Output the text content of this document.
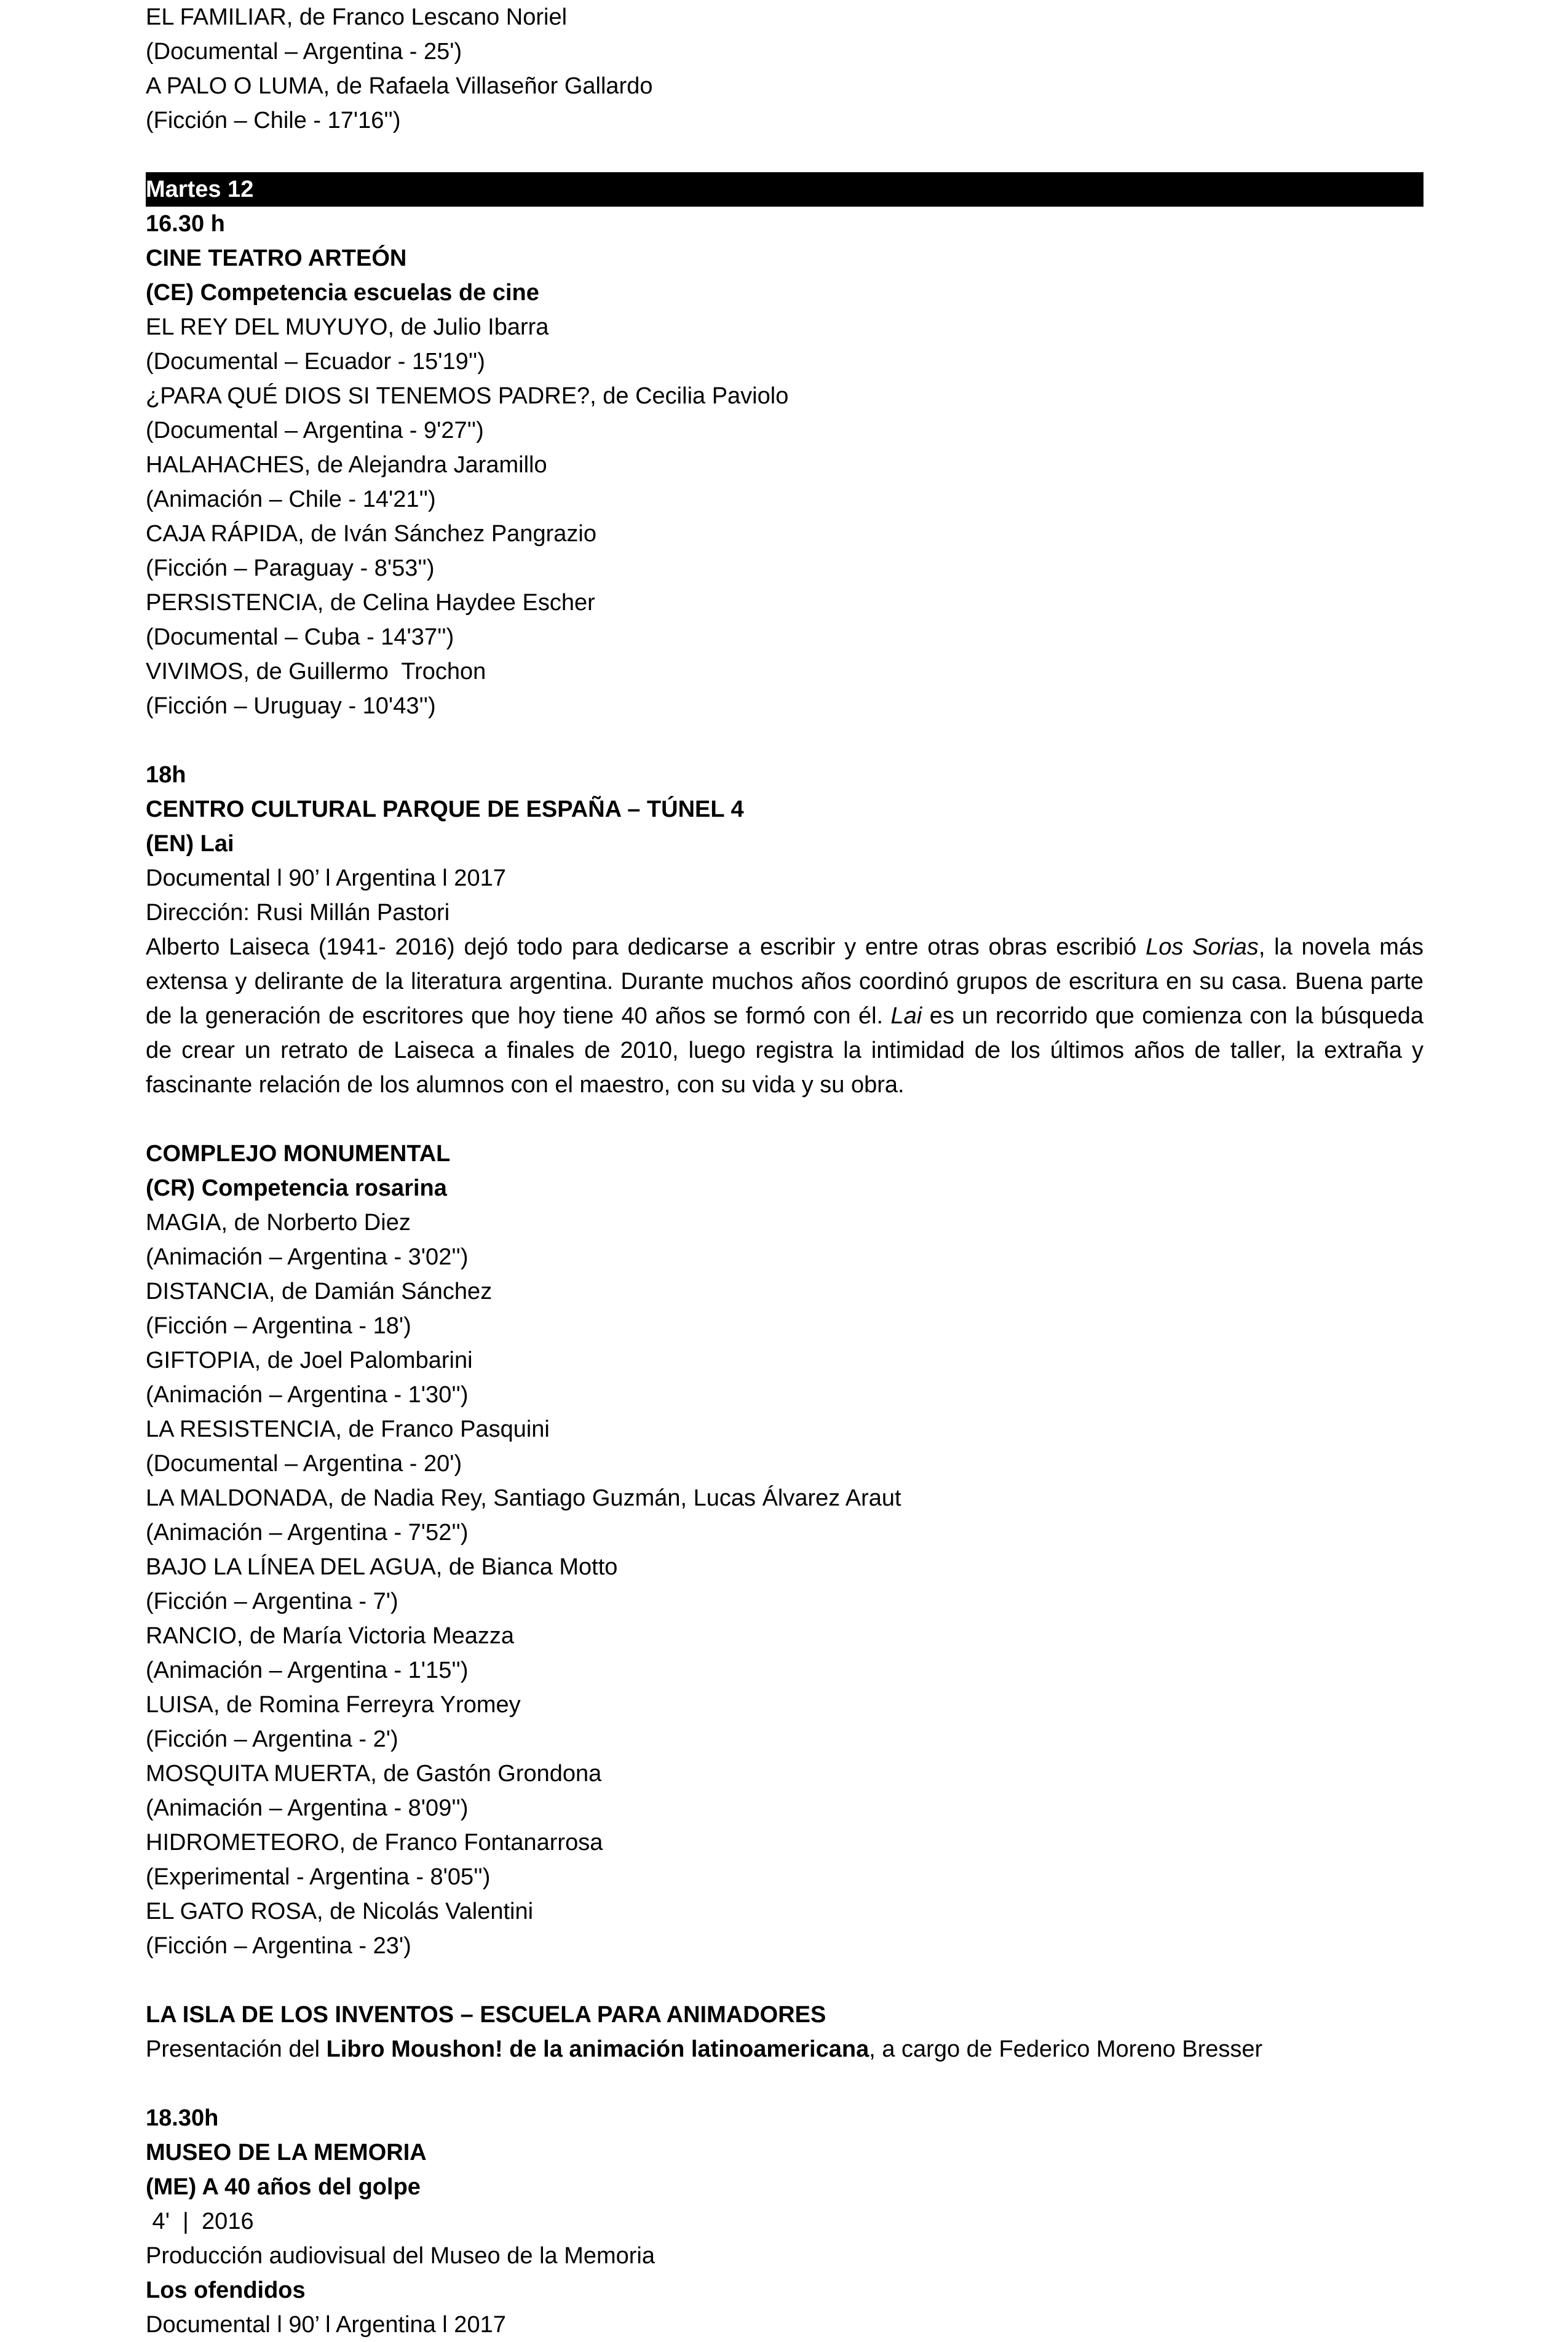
EL FAMILIAR, de Franco Lescano Noriel
(Documental – Argentina - 25')
A PALO O LUMA, de Rafaela Villaseñor Gallardo
(Ficción – Chile - 17'16'')
Martes 12
16.30 h
CINE TEATRO ARTEÓN
(CE) Competencia escuelas de cine
EL REY DEL MUYUYO, de Julio Ibarra
(Documental – Ecuador - 15'19'')
¿PARA QUÉ DIOS SI TENEMOS PADRE?, de Cecilia Paviolo
(Documental – Argentina - 9'27'')
HALAHACHES, de Alejandra Jaramillo
(Animación – Chile - 14'21'')
CAJA RÁPIDA, de Iván Sánchez Pangrazio
(Ficción – Paraguay - 8'53'')
PERSISTENCIA, de Celina Haydee Escher
(Documental – Cuba - 14'37'')
VIVIMOS, de Guillermo  Trochon
(Ficción – Uruguay - 10'43'')
18h
CENTRO CULTURAL PARQUE DE ESPAÑA – TÚNEL 4
(EN) Lai
Documental l 90’ l Argentina l 2017
Dirección: Rusi Millán Pastori
Alberto Laiseca (1941- 2016) dejó todo para dedicarse a escribir y entre otras obras escribió Los Sorias, la novela más extensa y delirante de la literatura argentina. Durante muchos años coordinó grupos de escritura en su casa. Buena parte de la generación de escritores que hoy tiene 40 años se formó con él. Lai es un recorrido que comienza con la búsqueda de crear un retrato de Laiseca a finales de 2010, luego registra la intimidad de los últimos años de taller, la extraña y fascinante relación de los alumnos con el maestro, con su vida y su obra.
COMPLEJO MONUMENTAL
(CR) Competencia rosarina
MAGIA, de Norberto Diez
(Animación – Argentina - 3'02'')
DISTANCIA, de Damián Sánchez
(Ficción – Argentina - 18')
GIFTOPIA, de Joel Palombarini
(Animación – Argentina - 1'30'')
LA RESISTENCIA, de Franco Pasquini
(Documental – Argentina - 20')
LA MALDONADA, de Nadia Rey, Santiago Guzmán, Lucas Álvarez Araut
(Animación – Argentina - 7'52'')
BAJO LA LÍNEA DEL AGUA, de Bianca Motto
(Ficción – Argentina - 7')
RANCIO, de María Victoria Meazza
(Animación – Argentina - 1'15'')
LUISA, de Romina Ferreyra Yromey
(Ficción – Argentina - 2')
MOSQUITA MUERTA, de Gastón Grondona
(Animación – Argentina - 8'09'')
HIDROMETEORO, de Franco Fontanarrosa
(Experimental - Argentina - 8'05'')
EL GATO ROSA, de Nicolás Valentini
(Ficción – Argentina - 23')
LA ISLA DE LOS INVENTOS – ESCUELA PARA ANIMADORES
Presentación del Libro Moushon! de la animación latinoamericana, a cargo de Federico Moreno Bresser
18.30h
MUSEO DE LA MEMORIA
(ME) A 40 años del golpe
4'  |  2016
Producción audiovisual del Museo de la Memoria
Los ofendidos
Documental l 90’ l Argentina l 2017
